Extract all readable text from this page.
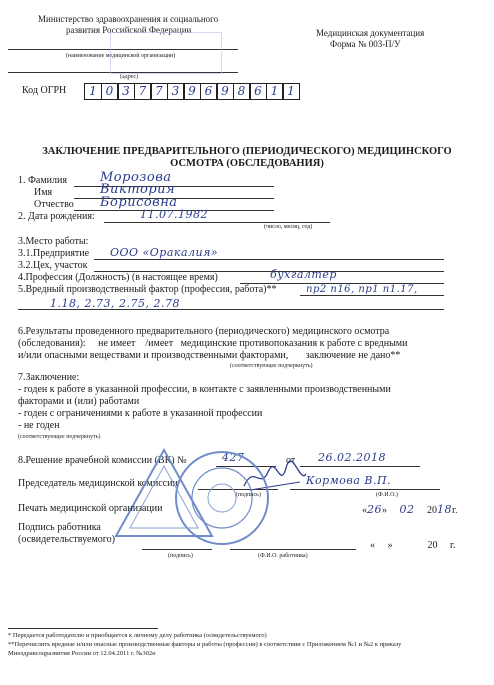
Министерство здравоохранения и социального
развития Российской Федерации
(наименование медицинской организации)
(адрес)
Медицинская документация
Форма № 003-П/У
Код ОГРН	1 0 3 7 7 3 9 6 9 8 6 1 1
ЗАКЛЮЧЕНИЕ ПРЕДВАРИТЕЛЬНОГО (ПЕРИОДИЧЕСКОГО) МЕДИЦИНСКОГО
ОСМОТРА (ОБСЛЕДОВАНИЯ)
1. Фамилия	Морозова
Имя	Виктория
Отчество Борисовна
2. Дата рождения:	11.07.1982
(число, месяц, год)
3.Место работы:
3.1.Предприятие ООО «Оракалия»
3.2.Цех, участок
4.Профессия (Должность) (в настоящее время)	бухгалтер
5.Вредный производственный фактор (профессия, работа)**	пр2 п16, пр1 п1.17,
1.18, 2.73, 2.75, 2.78
6.Результаты проведенного предварительного (периодического) медицинского осмотра
(обследования):     не имеет    /имеет   медицинские противопоказания к работе с вредными
и/или опасными веществами и производственными факторами,       заключение не дано**
(соответствующее подчеркнуть)
7.Заключение:
- годен к работе в указанной профессии, в контакте с заявленными производственными
факторами и (или) работами
- годен с ограничениями к работе в указанной профессии
- не годен
(соответствующее подчеркнуть)
8.Решение врачебной комиссии (ВК) №	427	от 26.02.2018
Председатель медицинской комиссии	Кормова В.П.
(подпись)	(Ф.И.О.)
Печать медицинской организации	«26» 02 2018г.
Подпись работника
(освидетельствуемого)
«     »              20     г.
(подпись)	(Ф.И.О. работника)
* Передается работодателю и приобщается к личному делу работника (освидетельствуемого)
**Перечислить вредные и/или опасные производственные факторы и работы (профессии) в соответствии с Приложением №1 и №2 к приказу
Минздравсоцразвития России от 12.04.2011 г. №302н
